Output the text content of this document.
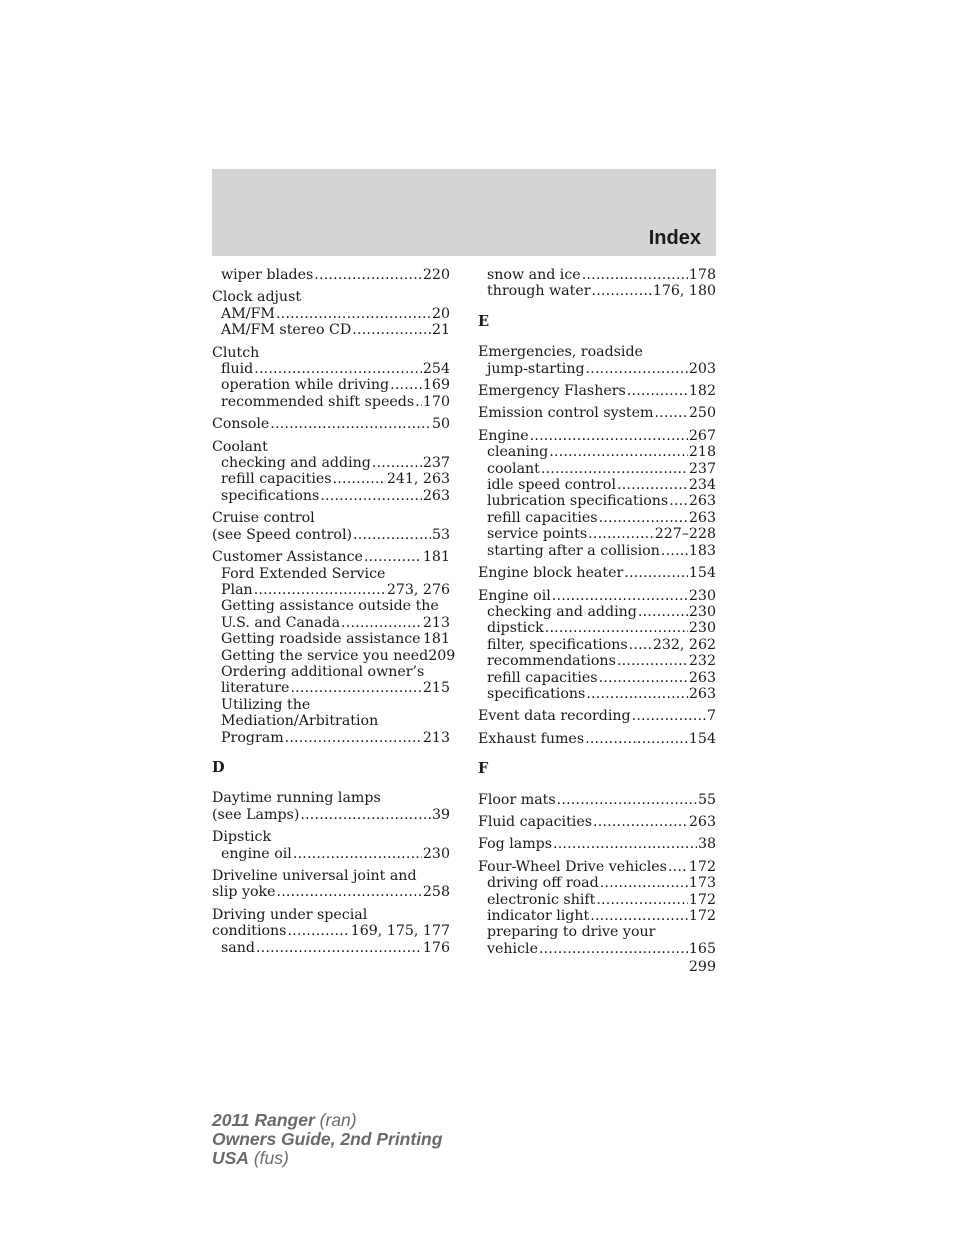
Index
wiper blades .....	220
Clock adjust
AM/FM .....	20
AM/FM stereo CD .....	21
Clutch
fluid .....	254
operation while driving ..... 169
recommended shift speeds ..... 170
Console .....	50
Coolant
checking and adding .....	237
refill capacities .....	241, 263
specifications .....	263
Cruise control
(see Speed control) .....	53
Customer Assistance .....	181
Ford Extended Service
Plan .....	273, 276
Getting assistance outside the
U.S. and Canada .....	213
Getting roadside assistance ..... 181
Getting the service you need 209
Ordering additional owner’s
literature .....	215
Utilizing the
Mediation/Arbitration
Program .....	213
D
Daytime running lamps
(see Lamps) .....	39
Dipstick
engine oil .....	230
Driveline universal joint and
slip yoke .....	258
Driving under special
conditions .....	169, 175, 177
sand .....	176
snow and ice .....	178
through water .....	176, 180
E
Emergencies, roadside
jump-starting .....	203
Emergency Flashers .....	182
Emission control system ..... 250
Engine .....	267
cleaning .....	218
coolant .....	237
idle speed control .....	234
lubrication specifications ..... 263
refill capacities .....	263
service points .....	227–228
starting after a collision ..... 183
Engine block heater .....	154
Engine oil .....	230
checking and adding .....	230
dipstick .....	230
filter, specifications ..... 232, 262
recommendations .....	232
refill capacities .....	263
specifications .....	263
Event data recording .....	7
Exhaust fumes .....	154
F
Floor mats .....	55
Fluid capacities .....	263
Fog lamps .....	38
Four-Wheel Drive vehicles ..... 172
driving off road .....	173
electronic shift .....	172
indicator light .....	172
preparing to drive your
vehicle .....	165
299
2011 Ranger (ran)
Owners Guide, 2nd Printing
USA (fus)
